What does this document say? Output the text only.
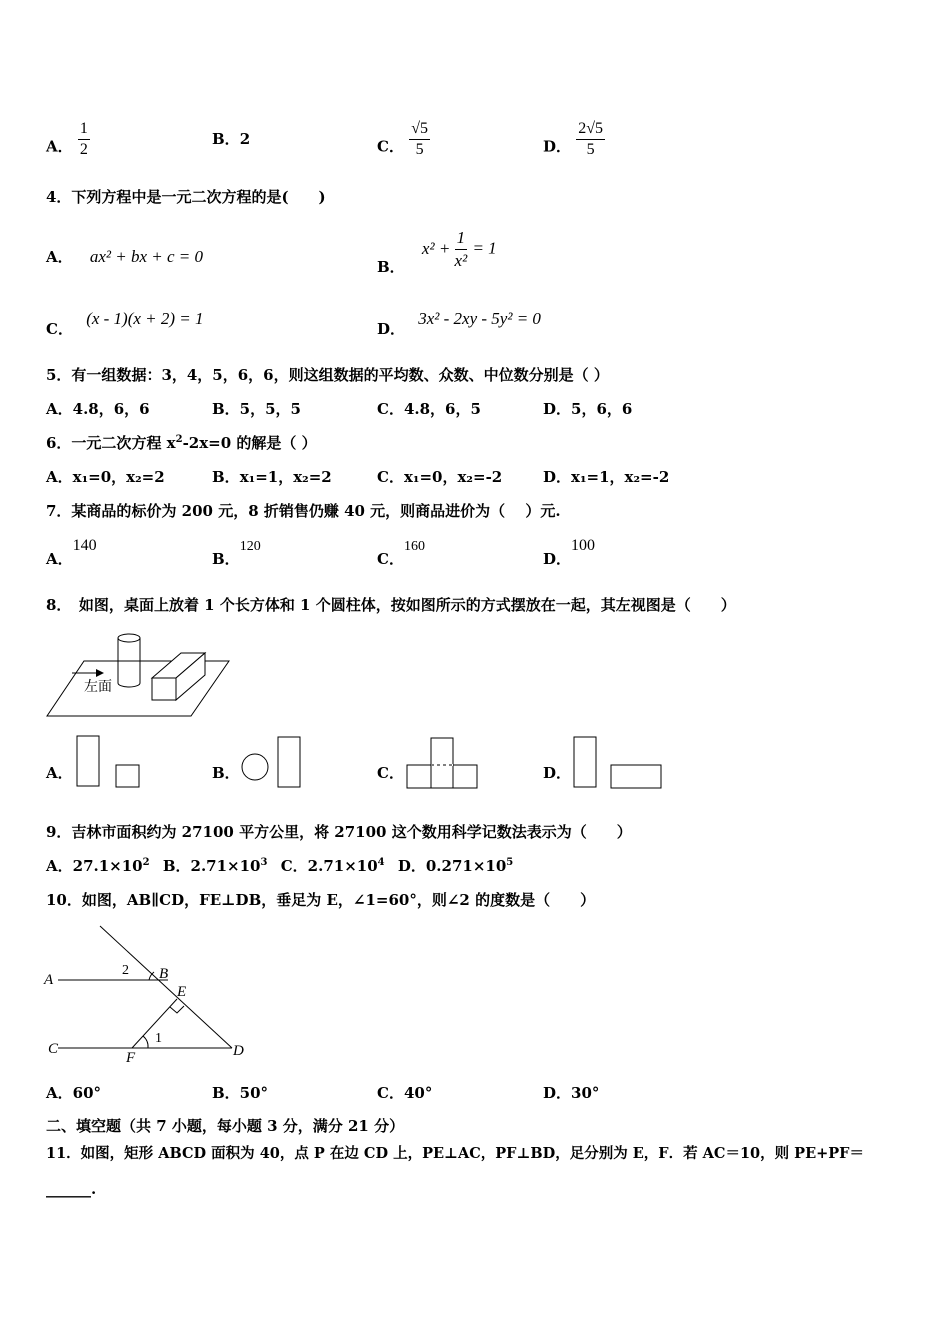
A． $\frac{1}{2}$	B．2	C． $\frac{√5}{5}$	D． $\frac{2√5}{5}$
4．下列方程中是一元二次方程的是(　　)
A． ax² + bx + c = 0
B． $x^2 + \frac{1}{\text{x²}} = 1$
C． (x - 1)(x + 2) = 1
D． 3x² - 2xy - 5y² = 0
5．有一组数据：3，4，5，6，6，则这组数据的平均数、众数、中位数分别是（ ）
A．4.8，6，6	B．5，5，5	C．4.8，6，5	D．5，6，6
6．一元二次方程 $x^2-2x=0$ 的解是（ ）
A．x₁=0，x₂=2	B．x₁=1，x₂=2	C．x₁=0，x₂=-2	D．x₁=1，x₂=-2
7．某商品的标价为 200 元，8 折销售仍赚 40 元，则商品进价为（　 ）元.
A．140
B．120
C．160
D．100
8．　如图，桌面上放着 1 个长方体和 1 个圆柱体，按如图所示的方式摆放在一起，其左视图是（　　）
左面
A．	B．	C．	D．
9．吉林市面积约为 27100 平方公里，将 27100 这个数用科学记数法表示为（　　）
A．$27.1\times 10^2$ B．$2.71\times 10^3$ C．$2.71\times 10^4$ D．$0.271\times 10^5$
10．如图，AB∥CD，FE⊥DB，垂足为 E，∠1=60°，则∠2 的度数是（　　）
A
C
B
E
F	D
1
2
A．60°	B．50°	C．40°	D．30°
二、填空题（共 7 小题，每小题 3 分，满分 21 分）
11．如图，矩形 ABCD 面积为 40，点 P 在边 CD 上，PE⊥AC，PF⊥BD，足分别为 E，F．若 AC＝10，则 PE+PF＝
______.
